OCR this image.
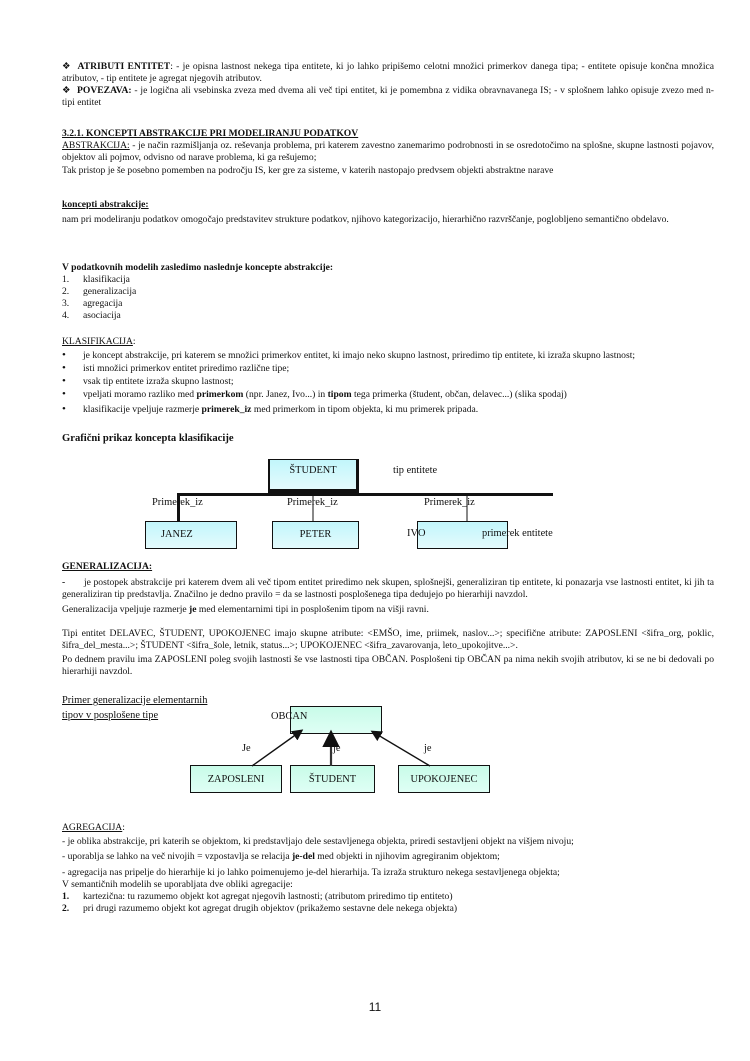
❖ ATRIBUTI ENTITET: - je opisna lastnost nekega tipa entitete, ki jo lahko pripišemo celotni množici primerkov danega tipa; - entitete opisuje končna množica atributov, - tip entitete je agregat njegovih atributov.
❖ POVEZAVA: - je logična ali vsebinska zveza med dvema ali več tipi entitet, ki je pomembna z vidika obravnavanega IS; - v splošnem lahko opisuje zvezo med n-tipi entitet
3.2.1. KONCEPTI ABSTRAKCIJE PRI MODELIRANJU PODATKOV
ABSTRAKCIJA: - je način razmišljanja oz. reševanja problema, pri katerem zavestno zanemarimo podrobnosti in se osredotočimo na splošne, skupne lastnosti pojavov, objektov ali pojmov, odvisno od narave problema, ki ga rešujemo;
Tak pristop je še posebno pomemben na področju IS, ker gre za sisteme, v katerih nastopajo predvsem objekti abstraktne narave
koncepti abstrakcije:
nam pri modeliranju podatkov omogočajo predstavitev strukture podatkov, njihovo kategorizacijo, hierarhično razvrščanje, poglobljeno semantično obdelavo.
V podatkovnih modelih zasledimo naslednje koncepte abstrakcije:
1. klasifikacija
2. generalizacija
3. agregacija
4. asociacija
KLASIFIKACIJA:
• je koncept abstrakcije, pri katerem se množici primerkov entitet, ki imajo neko skupno lastnost, priredimo tip entitete, ki izraža skupno lastnost;
• isti množici primerkov entitet priredimo različne tipe;
• vsak tip entitete izraža skupno lastnost;
• vpeljati moramo razliko med primerkom (npr. Janez, Ivo...) in tipom tega primerka (študent, občan, delavec...) (slika spodaj)
• klasifikacije vpeljuje razmerje primerek_iz med primerkom in tipom objekta, ki mu primerek pripada.
Grafični prikaz koncepta klasifikacije
ŠTUDENT	tip entitete
Primerek_iz	Primerek_iz	Primerek_iz
JANEZ	PETER	IVO	primerek entitete
GENERALIZACIJA:
- je postopek abstrakcije pri katerem dvem ali več tipom entitet priredimo nek skupen, splošnejši, generaliziran tip entitete, ki ponazarja vse lastnosti entitet, ki jih ta generaliziran tip predstavlja. Značilno je dedno pravilo = da se lastnosti posplošenega tipa dedujejo po hierarhiji navzdol.
Generalizacija vpeljuje razmerje je med elementarnimi tipi in posplošenim tipom na višji ravni.
Tipi entitet DELAVEC, ŠTUDENT, UPOKOJENEC imajo skupne atribute: <EMŠO, ime, priimek, naslov...>; specifične atribute: ZAPOSLENI <šifra_org, poklic, šifra_del_mesta...>; ŠTUDENT <šifra_šole, letnik, status...>; UPOKOJENEC <šifra_zavarovanja, leto_upokojitve...>.
Po dednem pravilu ima ZAPOSLENI poleg svojih lastnosti še vse lastnosti tipa OBČAN. Posplošeni tip OBČAN pa nima nekih svojih atributov, ki se ne bi dedovali po hierarhiji navzdol.
Primer generalizacije elementarnih
tipov v posplošene tipe	OBCAN
ZAPOSLENI	ŠTUDENT	UPOKOJENEC
Je	je	je
AGREGACIJA:
- je oblika abstrakcije, pri katerih se objektom, ki predstavljajo dele sestavljenega objekta, priredi sestavljeni objekt na višjem nivoju;
- uporablja se lahko na več nivojih = vzpostavlja se relacija je-del med objekti in njihovim agregiranim objektom;
- agregacija nas pripelje do hierarhije ki jo lahko poimenujemo je-del hierarhija. Ta izraža strukturo nekega sestavljenega objekta;
V semantičnih modelih se uporabljata dve obliki agregacije:
1. kartezična: tu razumemo objekt kot agregat njegovih lastnosti; (atributom priredimo tip entiteto)
2. pri drugi razumemo objekt kot agregat drugih objektov (prikažemo sestavne dele nekega objekta)
11
